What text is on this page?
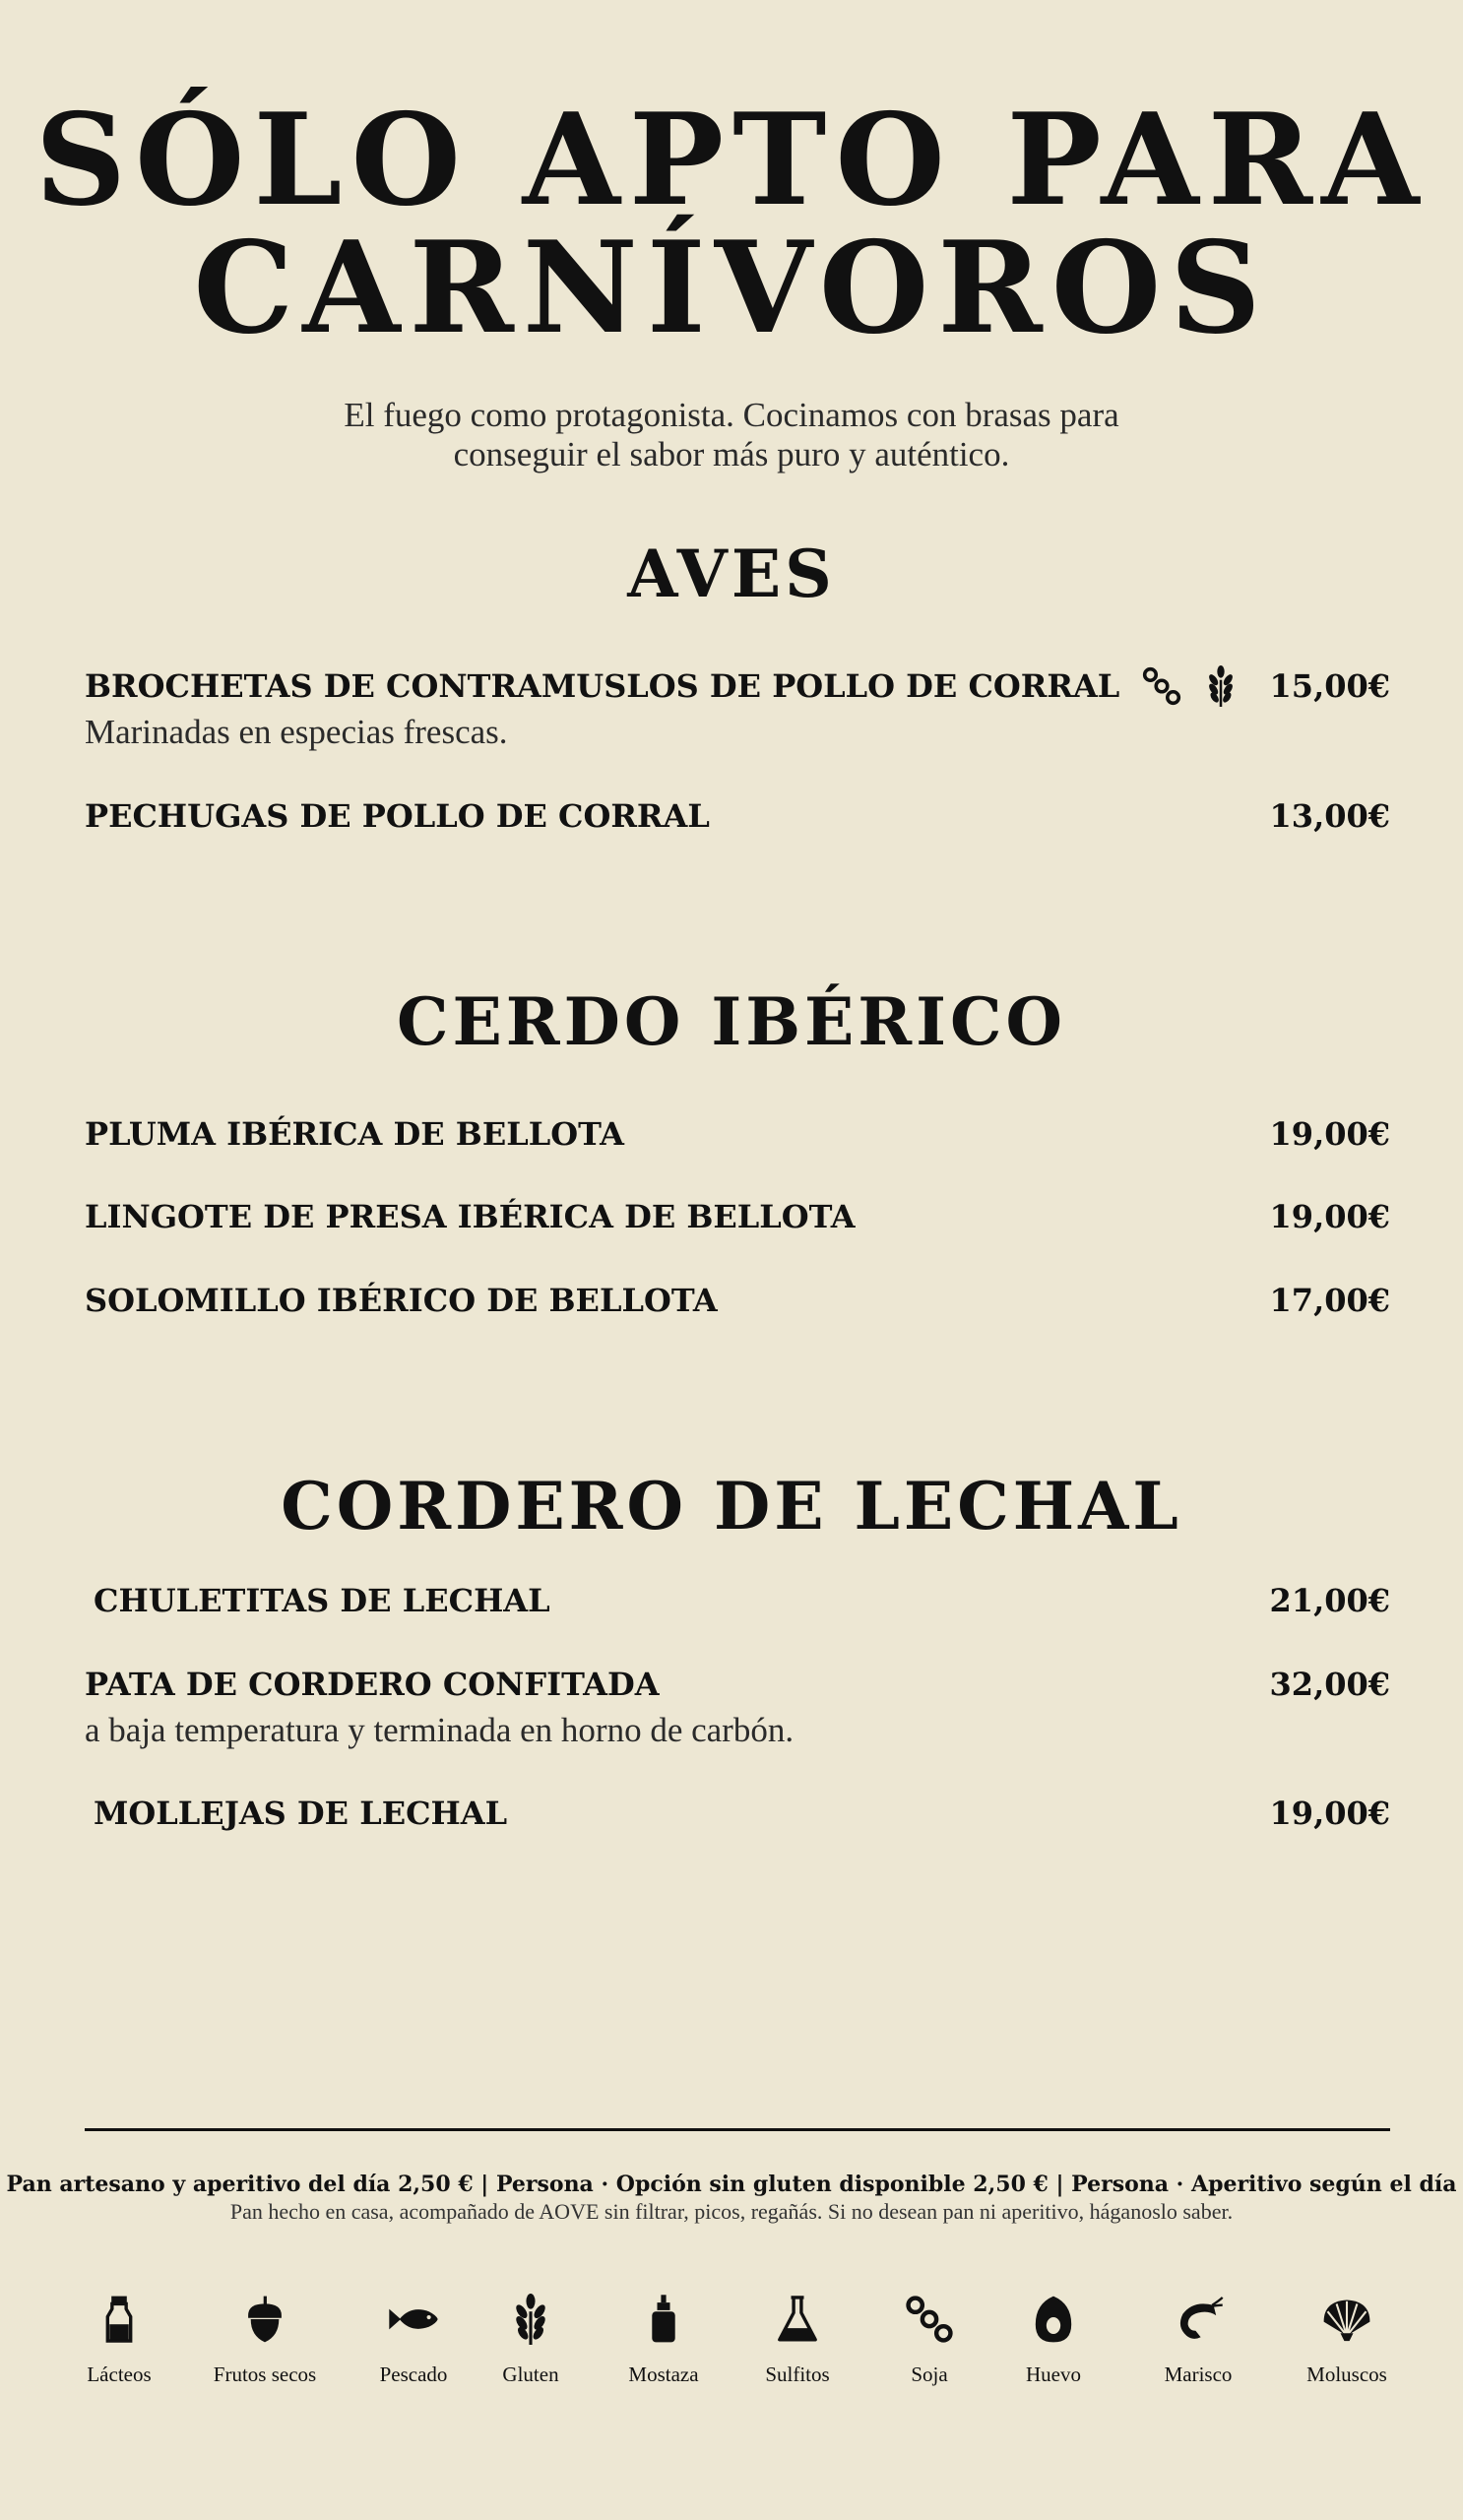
SÓLO APTO PARA
CARNÍVOROS

El fuego como protagonista. Cocinamos con brasas para
conseguir el sabor más puro y auténtico.

AVES
BROCHETAS DE CONTRAMUSLOS DE POLLO DE CORRAL	15,00€

Marinadas en especias frescas.

PECHUGAS DE POLLO DE CORRAL	13,00€
CERDO IBÉRICO
PLUMA IBÉRICA DE BELLOTA	19,00€
LINGOTE DE PRESA IBÉRICA DE BELLOTA	19,00€
SOLOMILLO IBÉRICO DE BELLOTA	17,00€
CORDERO DE LECHAL
CHULETITAS DE LECHAL	21,00€
PATA DE CORDERO CONFITADA	32,00€

a baja temperatura y terminada en horno de carbón.

MOLLEJAS DE LECHAL	19,00€

Pan artesano y aperitivo del día 2,50 € | Persona · Opción sin gluten disponible 2,50 € | Persona · Aperitivo según el día

Pan hecho en casa, acompañado de AOVE sin filtrar, picos, regañás. Si no desean pan ni aperitivo, háganoslo saber.

Lácteos	Frutos secos	Pescado	Gluten	Mostaza	Sulfitos	Soja	Huevo	Marisco	Moluscos
